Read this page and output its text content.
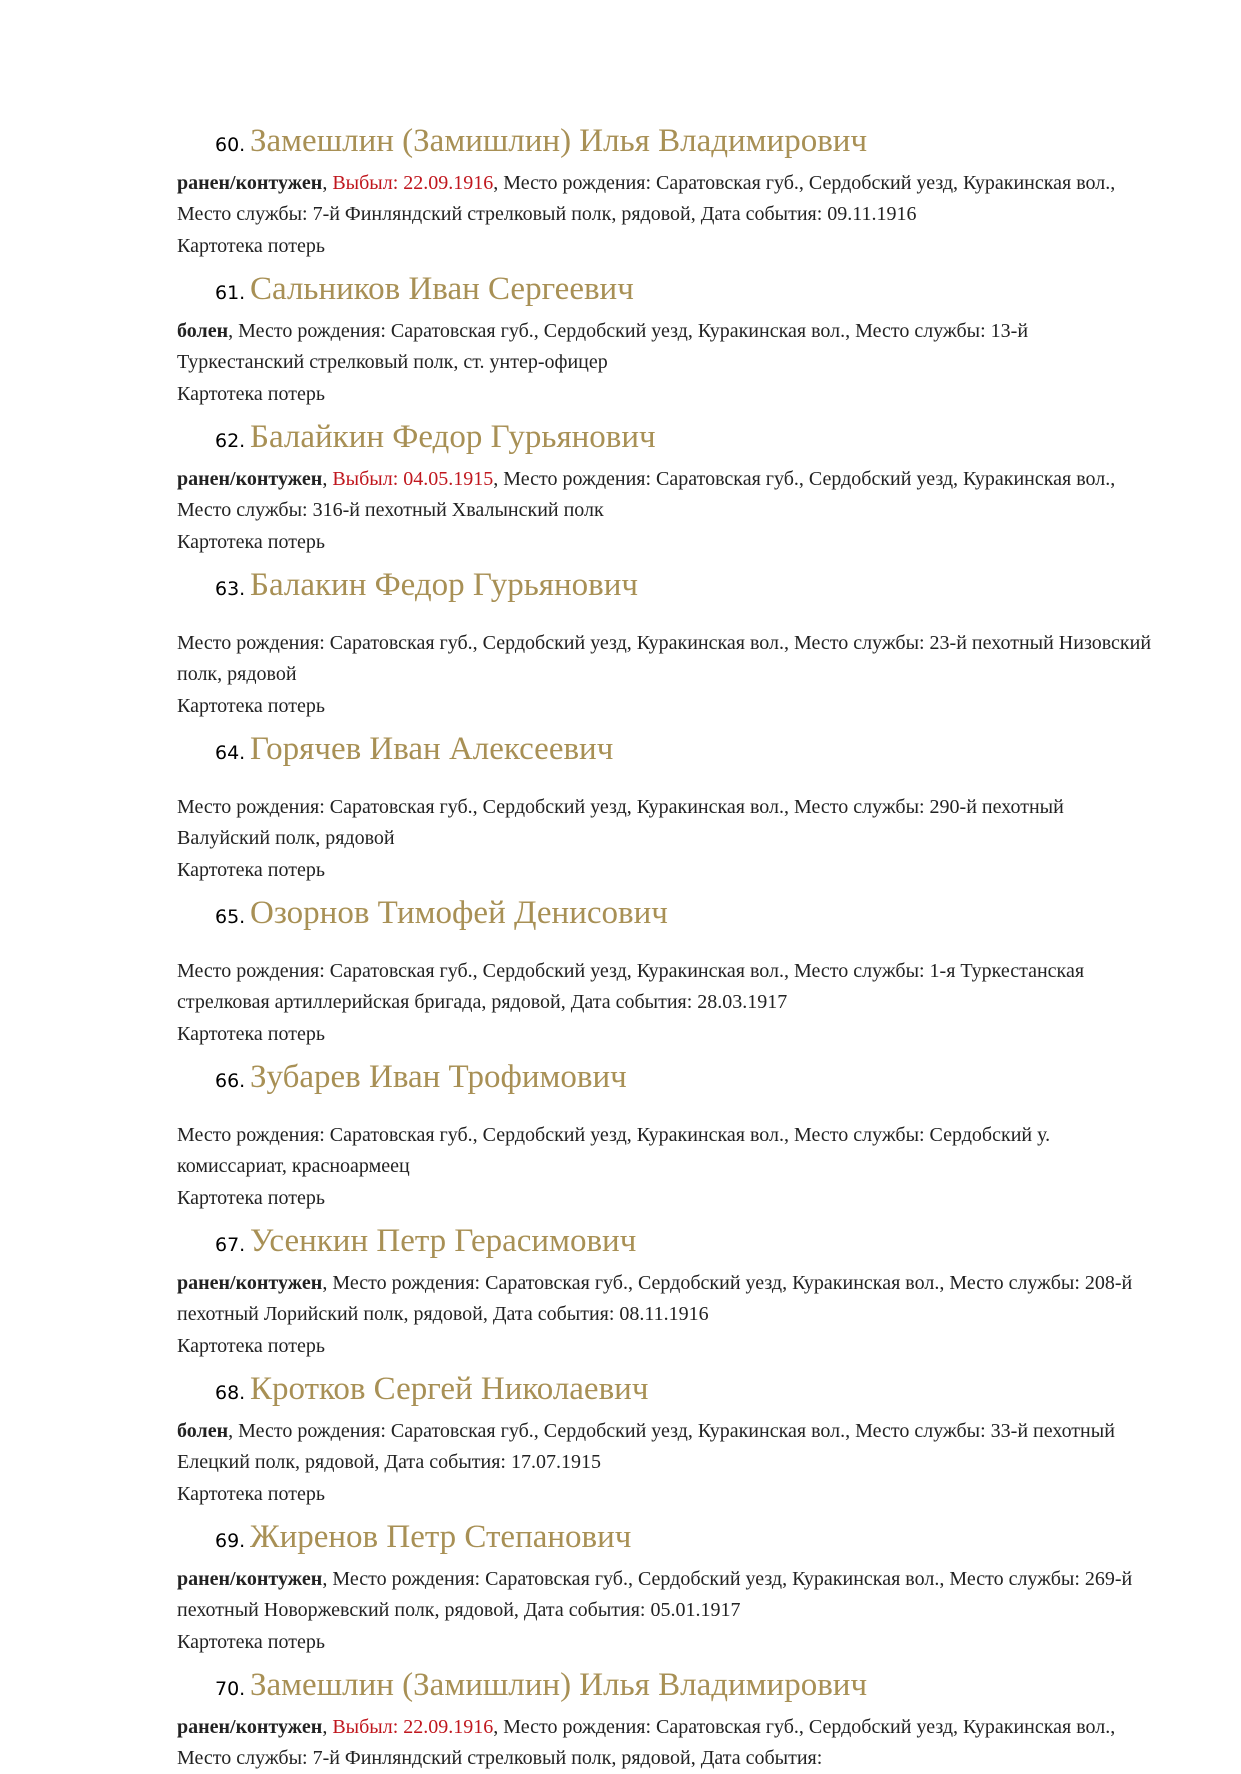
60. Замешлин (Замишлин) Илья Владимирович

ранен/контужен, Выбыл: 22.09.1916, Место рождения: Саратовская губ., Сердобский уезд, Куракинская вол., Место службы: 7-й Финляндский стрелковый полк, рядовой, Дата события: 09.11.1916

Картотека потерь

61. Сальников Иван Сергеевич

болен, Место рождения: Саратовская губ., Сердобский уезд, Куракинская вол., Место службы: 13-й Туркестанский стрелковый полк, ст. унтер-офицер

Картотека потерь

62. Балайкин Федор Гурьянович

ранен/контужен, Выбыл: 04.05.1915, Место рождения: Саратовская губ., Сердобский уезд, Куракинская вол., Место службы: 316-й пехотный Хвалынский полк

Картотека потерь

63. Балакин Федор Гурьянович

Место рождения: Саратовская губ., Сердобский уезд, Куракинская вол., Место службы: 23-й пехотный Низовский полк, рядовой

Картотека потерь

64. Горячев Иван Алексеевич

Место рождения: Саратовская губ., Сердобский уезд, Куракинская вол., Место службы: 290-й пехотный Валуйский полк, рядовой

Картотека потерь

65. Озорнов Тимофей Денисович

Место рождения: Саратовская губ., Сердобский уезд, Куракинская вол., Место службы: 1-я Туркестанская стрелковая артиллерийская бригада, рядовой, Дата события: 28.03.1917

Картотека потерь

66. Зубарев Иван Трофимович

Место рождения: Саратовская губ., Сердобский уезд, Куракинская вол., Место службы: Сердобский у. комиссариат, красноармеец

Картотека потерь

67. Усенкин Петр Герасимович

ранен/контужен, Место рождения: Саратовская губ., Сердобский уезд, Куракинская вол., Место службы: 208-й пехотный Лорийский полк, рядовой, Дата события: 08.11.1916

Картотека потерь

68. Кротков Сергей Николаевич

болен, Место рождения: Саратовская губ., Сердобский уезд, Куракинская вол., Место службы: 33-й пехотный Елецкий полк, рядовой, Дата события: 17.07.1915

Картотека потерь

69. Жиренов Петр Степанович

ранен/контужен, Место рождения: Саратовская губ., Сердобский уезд, Куракинская вол., Место службы: 269-й пехотный Новоржевский полк, рядовой, Дата события: 05.01.1917

Картотека потерь

70. Замешлин (Замишлин) Илья Владимирович

ранен/контужен, Выбыл: 22.09.1916, Место рождения: Саратовская губ., Сердобский уезд, Куракинская вол., Место службы: 7-й Финляндский стрелковый полк, рядовой, Дата события:
